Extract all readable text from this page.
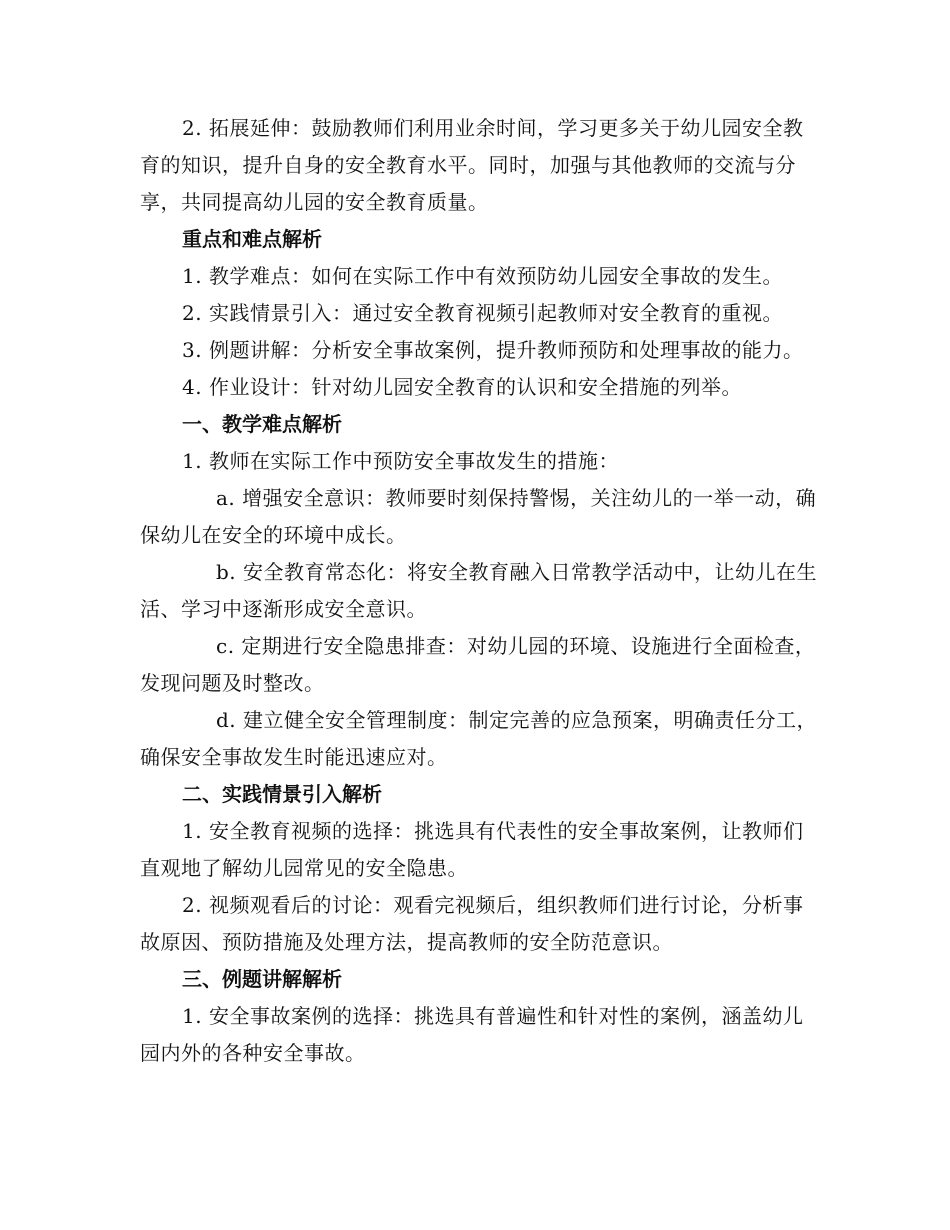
2. 拓展延伸：鼓励教师们利用业余时间，学习更多关于幼儿园安全教育的知识，提升自身的安全教育水平。同时，加强与其他教师的交流与分享，共同提高幼儿园的安全教育质量。

重点和难点解析

1. 教学难点：如何在实际工作中有效预防幼儿园安全事故的发生。

2. 实践情景引入：通过安全教育视频引起教师对安全教育的重视。

3. 例题讲解：分析安全事故案例，提升教师预防和处理事故的能力。

4. 作业设计：针对幼儿园安全教育的认识和安全措施的列举。

一、教学难点解析

1. 教师在实际工作中预防安全事故发生的措施：

a. 增强安全意识：教师要时刻保持警惕，关注幼儿的一举一动，确保幼儿在安全的环境中成长。

b. 安全教育常态化：将安全教育融入日常教学活动中，让幼儿在生活、学习中逐渐形成安全意识。

c. 定期进行安全隐患排查：对幼儿园的环境、设施进行全面检查，发现问题及时整改。

d. 建立健全安全管理制度：制定完善的应急预案，明确责任分工，确保安全事故发生时能迅速应对。

二、实践情景引入解析

1. 安全教育视频的选择：挑选具有代表性的安全事故案例，让教师们直观地了解幼儿园常见的安全隐患。

2. 视频观看后的讨论：观看完视频后，组织教师们进行讨论，分析事故原因、预防措施及处理方法，提高教师的安全防范意识。

三、例题讲解解析

1. 安全事故案例的选择：挑选具有普遍性和针对性的案例，涵盖幼儿园内外的各种安全事故。
